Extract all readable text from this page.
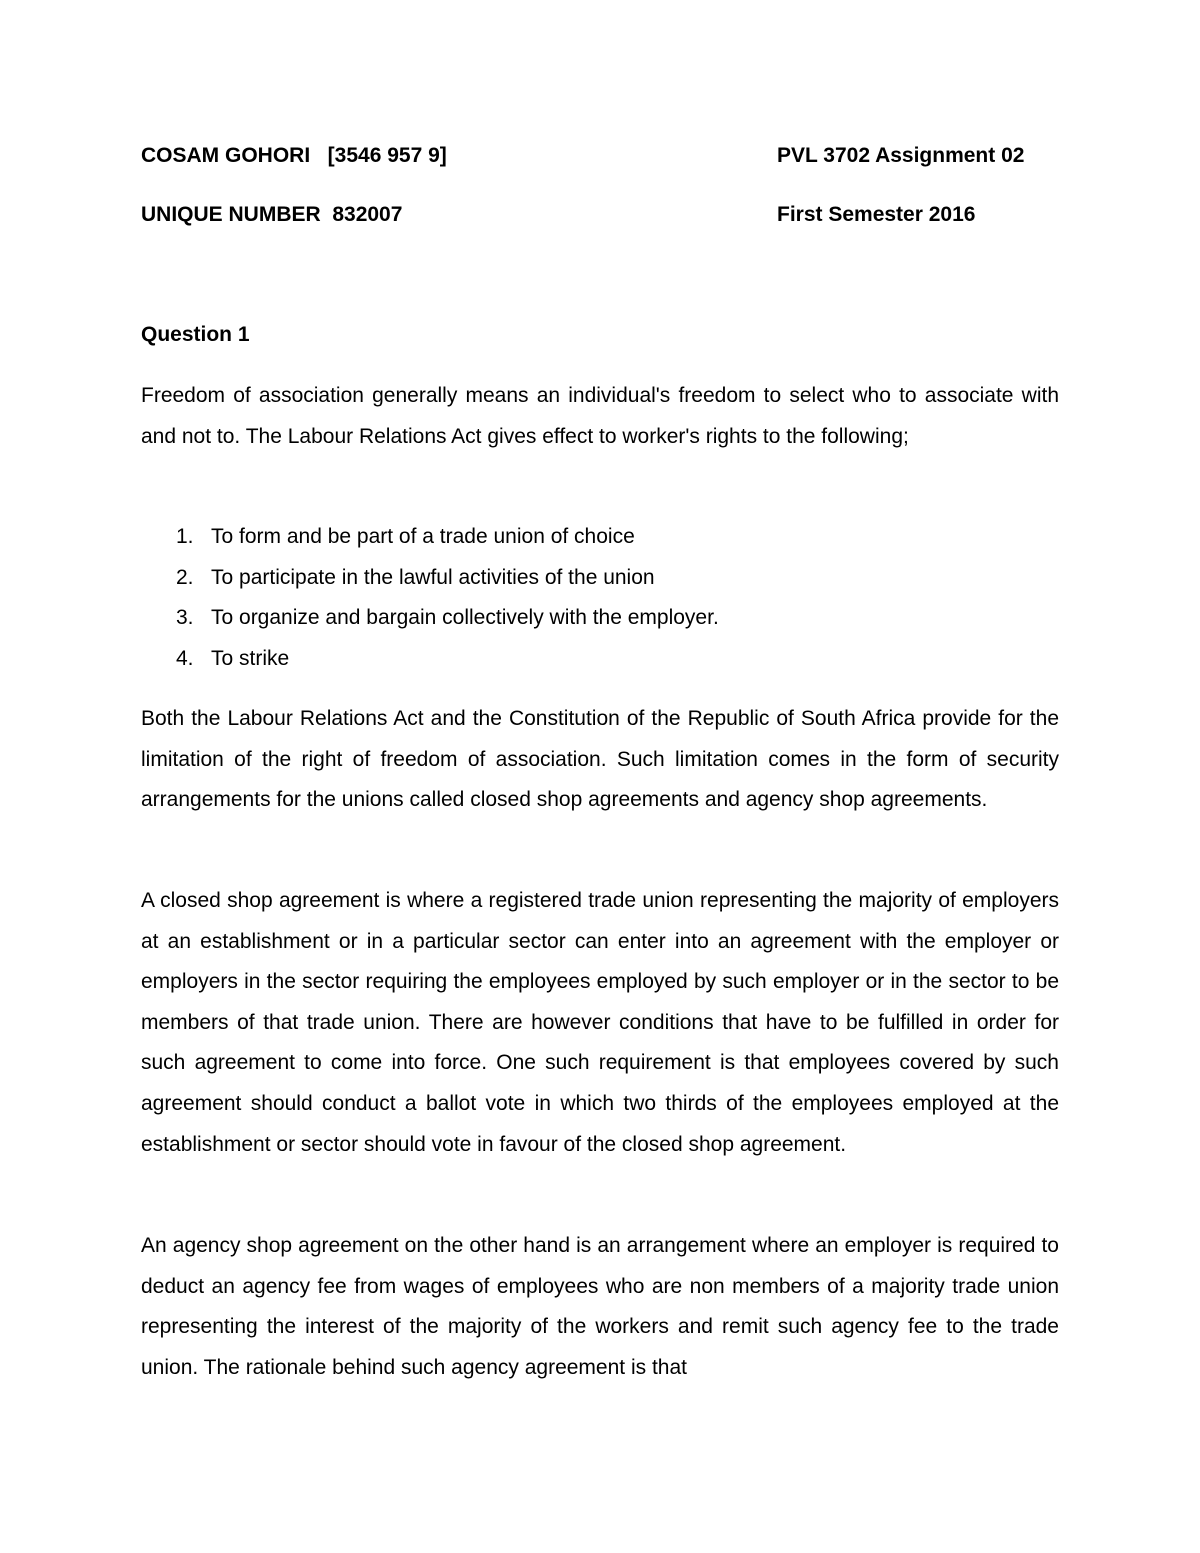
COSAM GOHORI   [3546 957 9]	PVL 3702 Assignment 02
UNIQUE NUMBER  832007	First Semester 2016
Question 1

Freedom of association generally means an individual's freedom to select who to associate with and not to. The Labour Relations Act gives effect to worker's rights to the following;

1. To form and be part of a trade union of choice
2. To participate in the lawful activities of the union
3. To organize and bargain collectively with the employer.
4. To strike

Both the Labour Relations Act and the Constitution of the Republic of South Africa provide for the limitation of the right of freedom of association. Such limitation comes in the form of security arrangements for the unions called closed shop agreements and agency shop agreements.

A closed shop agreement is where a registered trade union representing the majority of employers at an establishment or in a particular sector can enter into an agreement with the employer or employers in the sector requiring the employees employed by such employer or in the sector to be members of that trade union. There are however conditions that have to be fulfilled in order for such agreement to come into force. One such requirement is that employees covered by such agreement should conduct a ballot vote in which two thirds of the employees employed at the establishment or sector should vote in favour of the closed shop agreement.

An agency shop agreement on the other hand is an arrangement where an employer is required to deduct an agency fee from wages of employees who are non members of a majority trade union representing the interest of the majority of the workers and remit such agency fee to the trade union. The rationale behind such agency agreement is that
